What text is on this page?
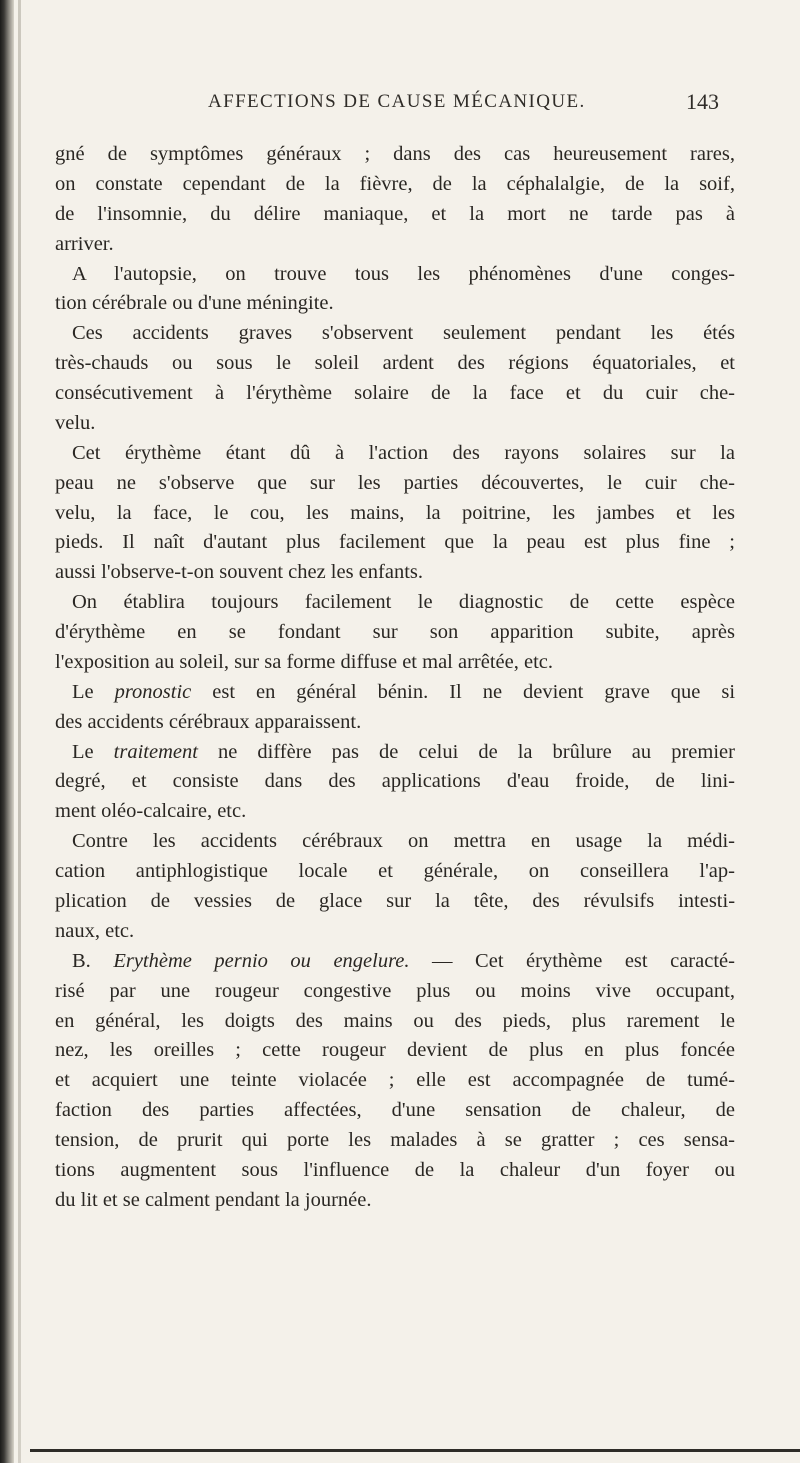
AFFECTIONS DE CAUSE MÉCANIQUE.	143
gné de symptômes généraux ; dans des cas heureusement rares,
on constate cependant de la fièvre, de la céphalalgie, de la soif,
de l'insomnie, du délire maniaque, et la mort ne tarde pas à
arriver.
A l'autopsie, on trouve tous les phénomènes d'une conges-
tion cérébrale ou d'une méningite.
Ces accidents graves s'observent seulement pendant les étés
très-chauds ou sous le soleil ardent des régions équatoriales, et
consécutivement à l'érythème solaire de la face et du cuir che-
velu.
Cet érythème étant dû à l'action des rayons solaires sur la
peau ne s'observe que sur les parties découvertes, le cuir che-
velu, la face, le cou, les mains, la poitrine, les jambes et les
pieds. Il naît d'autant plus facilement que la peau est plus fine ;
aussi l'observe-t-on souvent chez les enfants.
On établira toujours facilement le diagnostic de cette espèce
d'érythème en se fondant sur son apparition subite, après
l'exposition au soleil, sur sa forme diffuse et mal arrêtée, etc.
Le pronostic est en général bénin. Il ne devient grave que si
des accidents cérébraux apparaissent.
Le traitement ne diffère pas de celui de la brûlure au premier
degré, et consiste dans des applications d'eau froide, de lini-
ment oléo-calcaire, etc.
Contre les accidents cérébraux on mettra en usage la médi-
cation antiphlogistique locale et générale, on conseillera l'ap-
plication de vessies de glace sur la tête, des révulsifs intesti-
naux, etc.
B. Erythème pernio ou engelure. — Cet érythème est caracté-
risé par une rougeur congestive plus ou moins vive occupant,
en général, les doigts des mains ou des pieds, plus rarement le
nez, les oreilles ; cette rougeur devient de plus en plus foncée
et acquiert une teinte violacée ; elle est accompagnée de tumé-
faction des parties affectées, d'une sensation de chaleur, de
tension, de prurit qui porte les malades à se gratter ; ces sensa-
tions augmentent sous l'influence de la chaleur d'un foyer ou
du lit et se calment pendant la journée.
